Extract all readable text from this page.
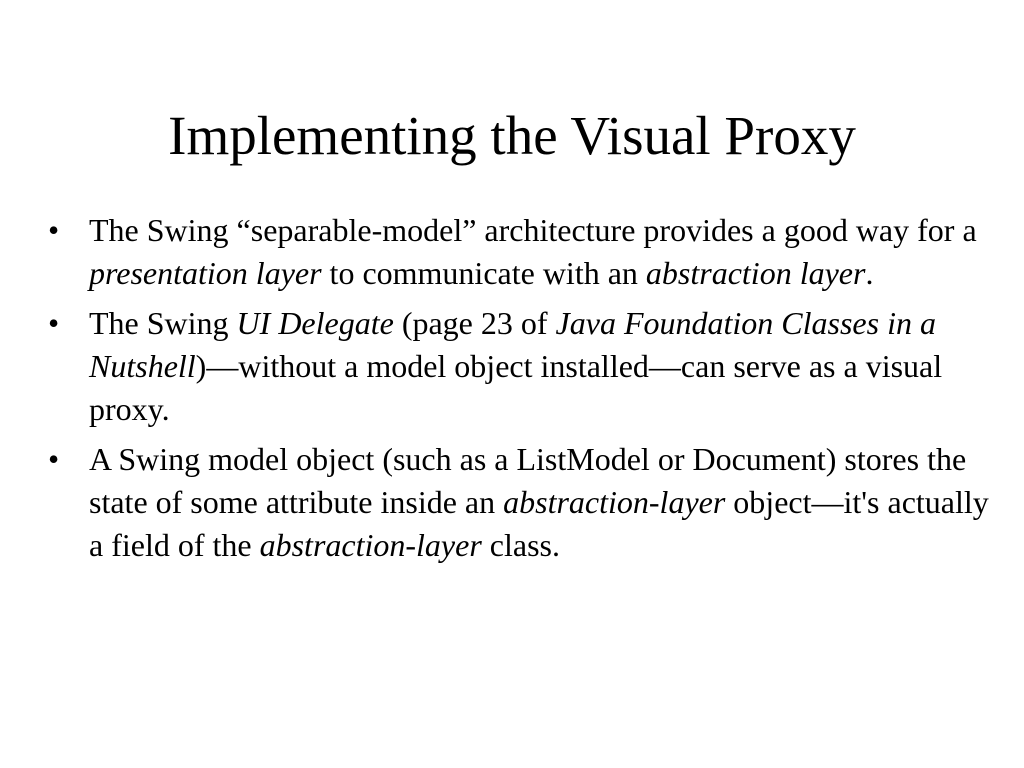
Implementing the Visual Proxy
• The Swing “separable-model” architecture provides a good way for a presentation layer to communicate with an abstraction layer.
• The Swing UI Delegate (page 23 of Java Foundation Classes in a Nutshell)—without a model object installed—can serve as a visual proxy.
• A Swing model object (such as a ListModel or Document) stores the state of some attribute inside an abstraction-layer object—it's actually a field of the abstraction-layer class.
